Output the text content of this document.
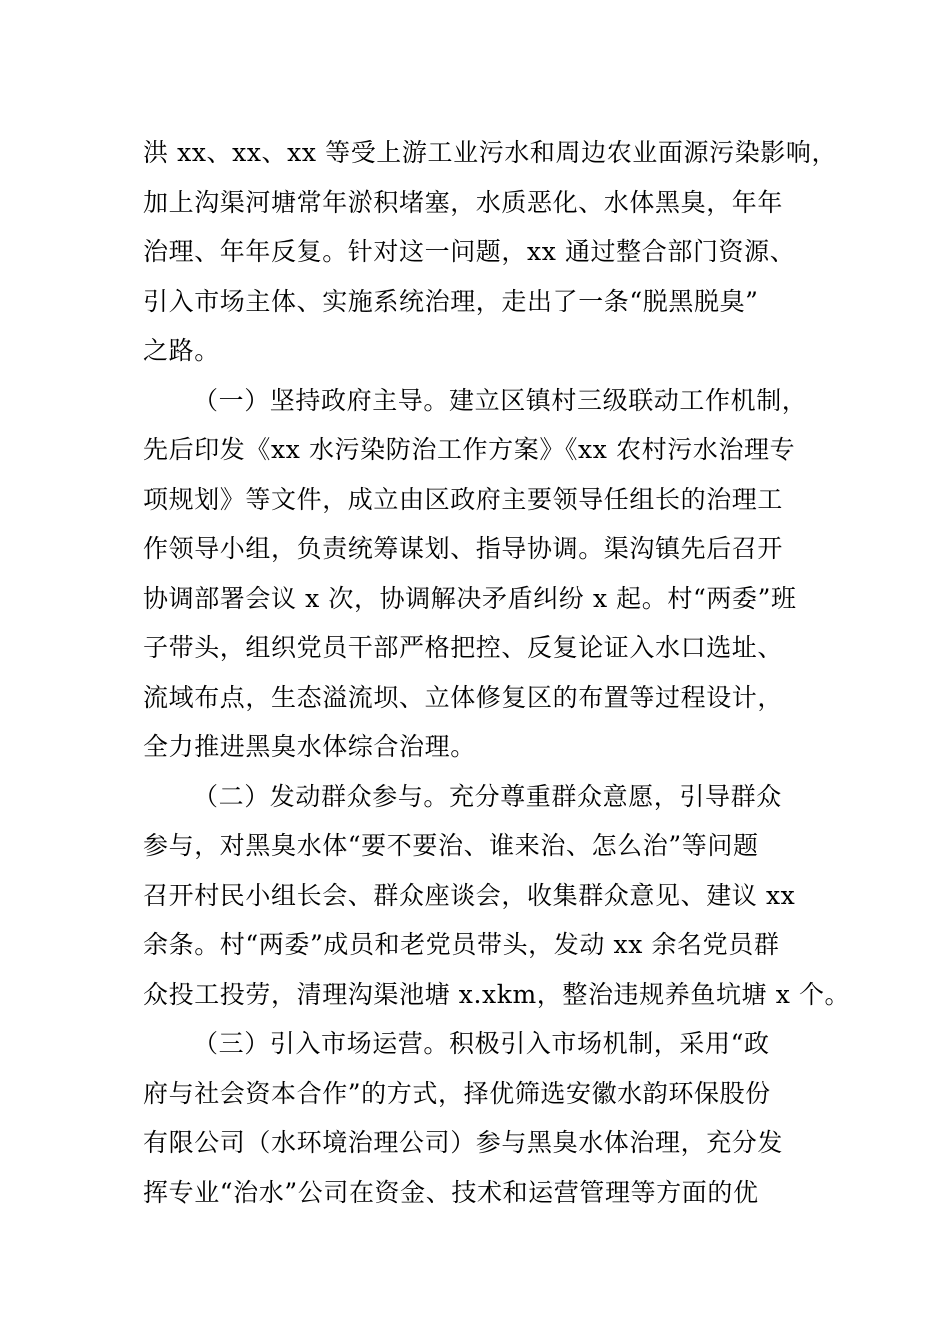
洪 xx、xx、xx 等受上游工业污水和周边农业面源污染影响，
加上沟渠河塘常年淤积堵塞，水质恶化、水体黑臭，年年
治理、年年反复。针对这一问题，xx 通过整合部门资源、
引入市场主体、实施系统治理，走出了一条“脱黑脱臭”
之路。
（一）坚持政府主导。建立区镇村三级联动工作机制，
先后印发《xx 水污染防治工作方案》《xx 农村污水治理专
项规划》等文件，成立由区政府主要领导任组长的治理工
作领导小组，负责统筹谋划、指导协调。渠沟镇先后召开
协调部署会议 x 次，协调解决矛盾纠纷 x 起。村“两委”班
子带头，组织党员干部严格把控、反复论证入水口选址、
流域布点，生态溢流坝、立体修复区的布置等过程设计，
全力推进黑臭水体综合治理。
（二）发动群众参与。充分尊重群众意愿，引导群众
参与，对黑臭水体“要不要治、谁来治、怎么治”等问题
召开村民小组长会、群众座谈会，收集群众意见、建议 xx
余条。村“两委”成员和老党员带头，发动 xx 余名党员群
众投工投劳，清理沟渠池塘 x.xkm，整治违规养鱼坑塘 x 个。
（三）引入市场运营。积极引入市场机制，采用“政
府与社会资本合作”的方式，择优筛选安徽水韵环保股份
有限公司（水环境治理公司）参与黑臭水体治理，充分发
挥专业“治水”公司在资金、技术和运营管理等方面的优
